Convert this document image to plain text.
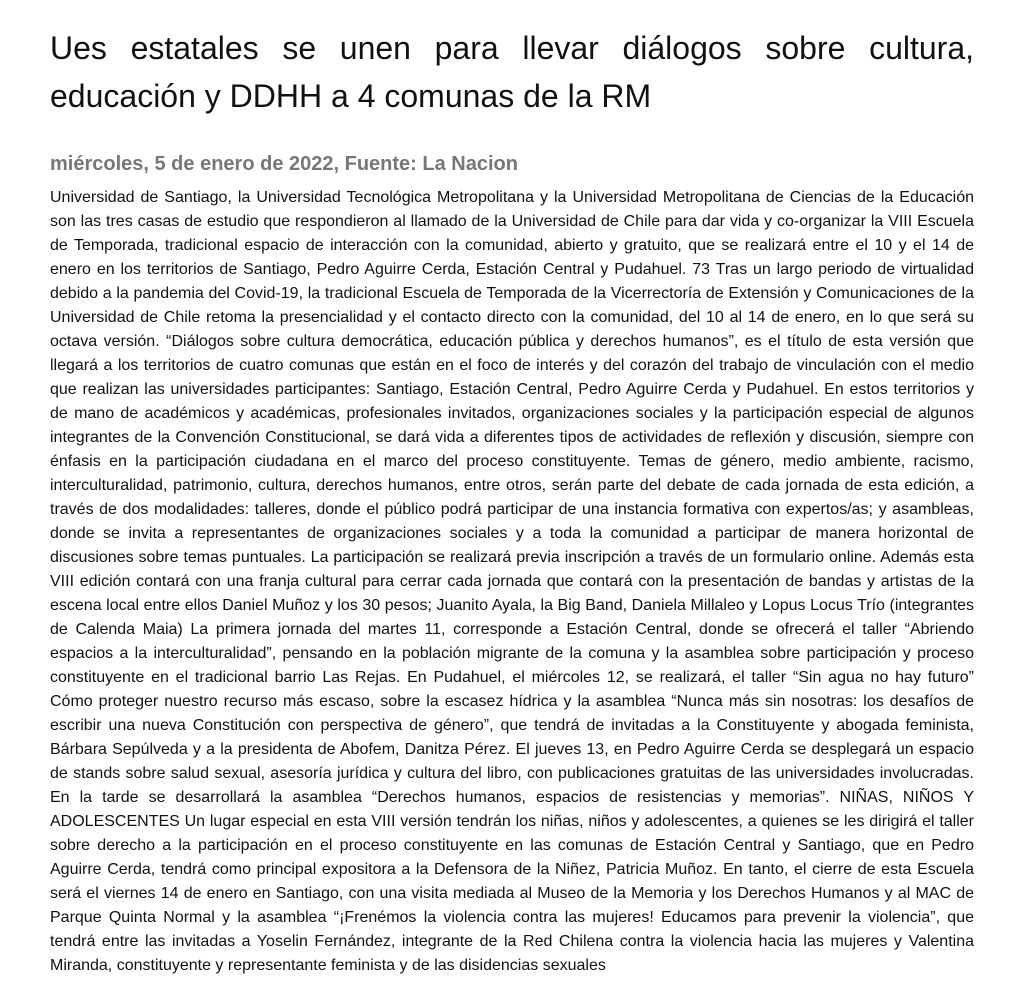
Ues estatales se unen para llevar diálogos sobre cultura, educación y DDHH a 4 comunas de la RM
miércoles, 5 de enero de 2022, Fuente: La Nacion

Universidad de Santiago, la Universidad Tecnológica Metropolitana y la Universidad Metropolitana de Ciencias de la Educación son las tres casas de estudio que respondieron al llamado de la Universidad de Chile para dar vida y co-organizar la VIII Escuela de Temporada, tradicional espacio de interacción con la comunidad, abierto y gratuito, que se realizará entre el 10 y el 14 de enero en los territorios de Santiago, Pedro Aguirre Cerda, Estación Central y Pudahuel. 73 Tras un largo periodo de virtualidad debido a la pandemia del Covid-19, la tradicional Escuela de Temporada de la Vicerrectoría de Extensión y Comunicaciones de la Universidad de Chile retoma la presencialidad y el contacto directo con la comunidad, del 10 al 14 de enero, en lo que será su octava versión. “Diálogos sobre cultura democrática, educación pública y derechos humanos”, es el título de esta versión que llegará a los territorios de cuatro comunas que están en el foco de interés y del corazón del trabajo de vinculación con el medio que realizan las universidades participantes: Santiago, Estación Central, Pedro Aguirre Cerda y Pudahuel. En estos territorios y de mano de académicos y académicas, profesionales invitados, organizaciones sociales y la participación especial de algunos integrantes de la Convención Constitucional, se dará vida a diferentes tipos de actividades de reflexión y discusión, siempre con énfasis en la participación ciudadana en el marco del proceso constituyente. Temas de género, medio ambiente, racismo, interculturalidad, patrimonio, cultura, derechos humanos, entre otros, serán parte del debate de cada jornada de esta edición, a través de dos modalidades: talleres, donde el público podrá participar de una instancia formativa con expertos/as; y asambleas, donde se invita a representantes de organizaciones sociales y a toda la comunidad a participar de manera horizontal de discusiones sobre temas puntuales. La participación se realizará previa inscripción a través de un formulario online. Además esta VIII edición contará con una franja cultural para cerrar cada jornada que contará con la presentación de bandas y artistas de la escena local entre ellos Daniel Muñoz y los 30 pesos; Juanito Ayala, la Big Band, Daniela Millaleo y Lopus Locus Trío (integrantes de Calenda Maia) La primera jornada del martes 11, corresponde a Estación Central, donde se ofrecerá el taller “Abriendo espacios a la interculturalidad”, pensando en la población migrante de la comuna y la asamblea sobre participación y proceso constituyente en el tradicional barrio Las Rejas. En Pudahuel, el miércoles 12, se realizará, el taller “Sin agua no hay futuro” Cómo proteger nuestro recurso más escaso, sobre la escasez hídrica y la asamblea “Nunca más sin nosotras: los desafíos de escribir una nueva Constitución con perspectiva de género”, que tendrá de invitadas a la Constituyente y abogada feminista, Bárbara Sepúlveda y a la presidenta de Abofem, Danitza Pérez. El jueves 13, en Pedro Aguirre Cerda se desplegará un espacio de stands sobre salud sexual, asesoría jurídica y cultura del libro, con publicaciones gratuitas de las universidades involucradas. En la tarde se desarrollará la asamblea “Derechos humanos, espacios de resistencias y memorias”. NIÑAS, NIÑOS Y ADOLESCENTES Un lugar especial en esta VIII versión tendrán los niñas, niños y adolescentes, a quienes se les dirigirá el taller sobre derecho a la participación en el proceso constituyente en las comunas de Estación Central y Santiago, que en Pedro Aguirre Cerda, tendrá como principal expositora a la Defensora de la Niñez, Patricia Muñoz. En tanto, el cierre de esta Escuela será el viernes 14 de enero en Santiago, con una visita mediada al Museo de la Memoria y los Derechos Humanos y al MAC de Parque Quinta Normal y la asamblea “¡Frenémos la violencia contra las mujeres! Educamos para prevenir la violencia”, que tendrá entre las invitadas a Yoselin Fernández, integrante de la Red Chilena contra la violencia hacia las mujeres y Valentina Miranda, constituyente y representante feminista y de las disidencias sexuales
